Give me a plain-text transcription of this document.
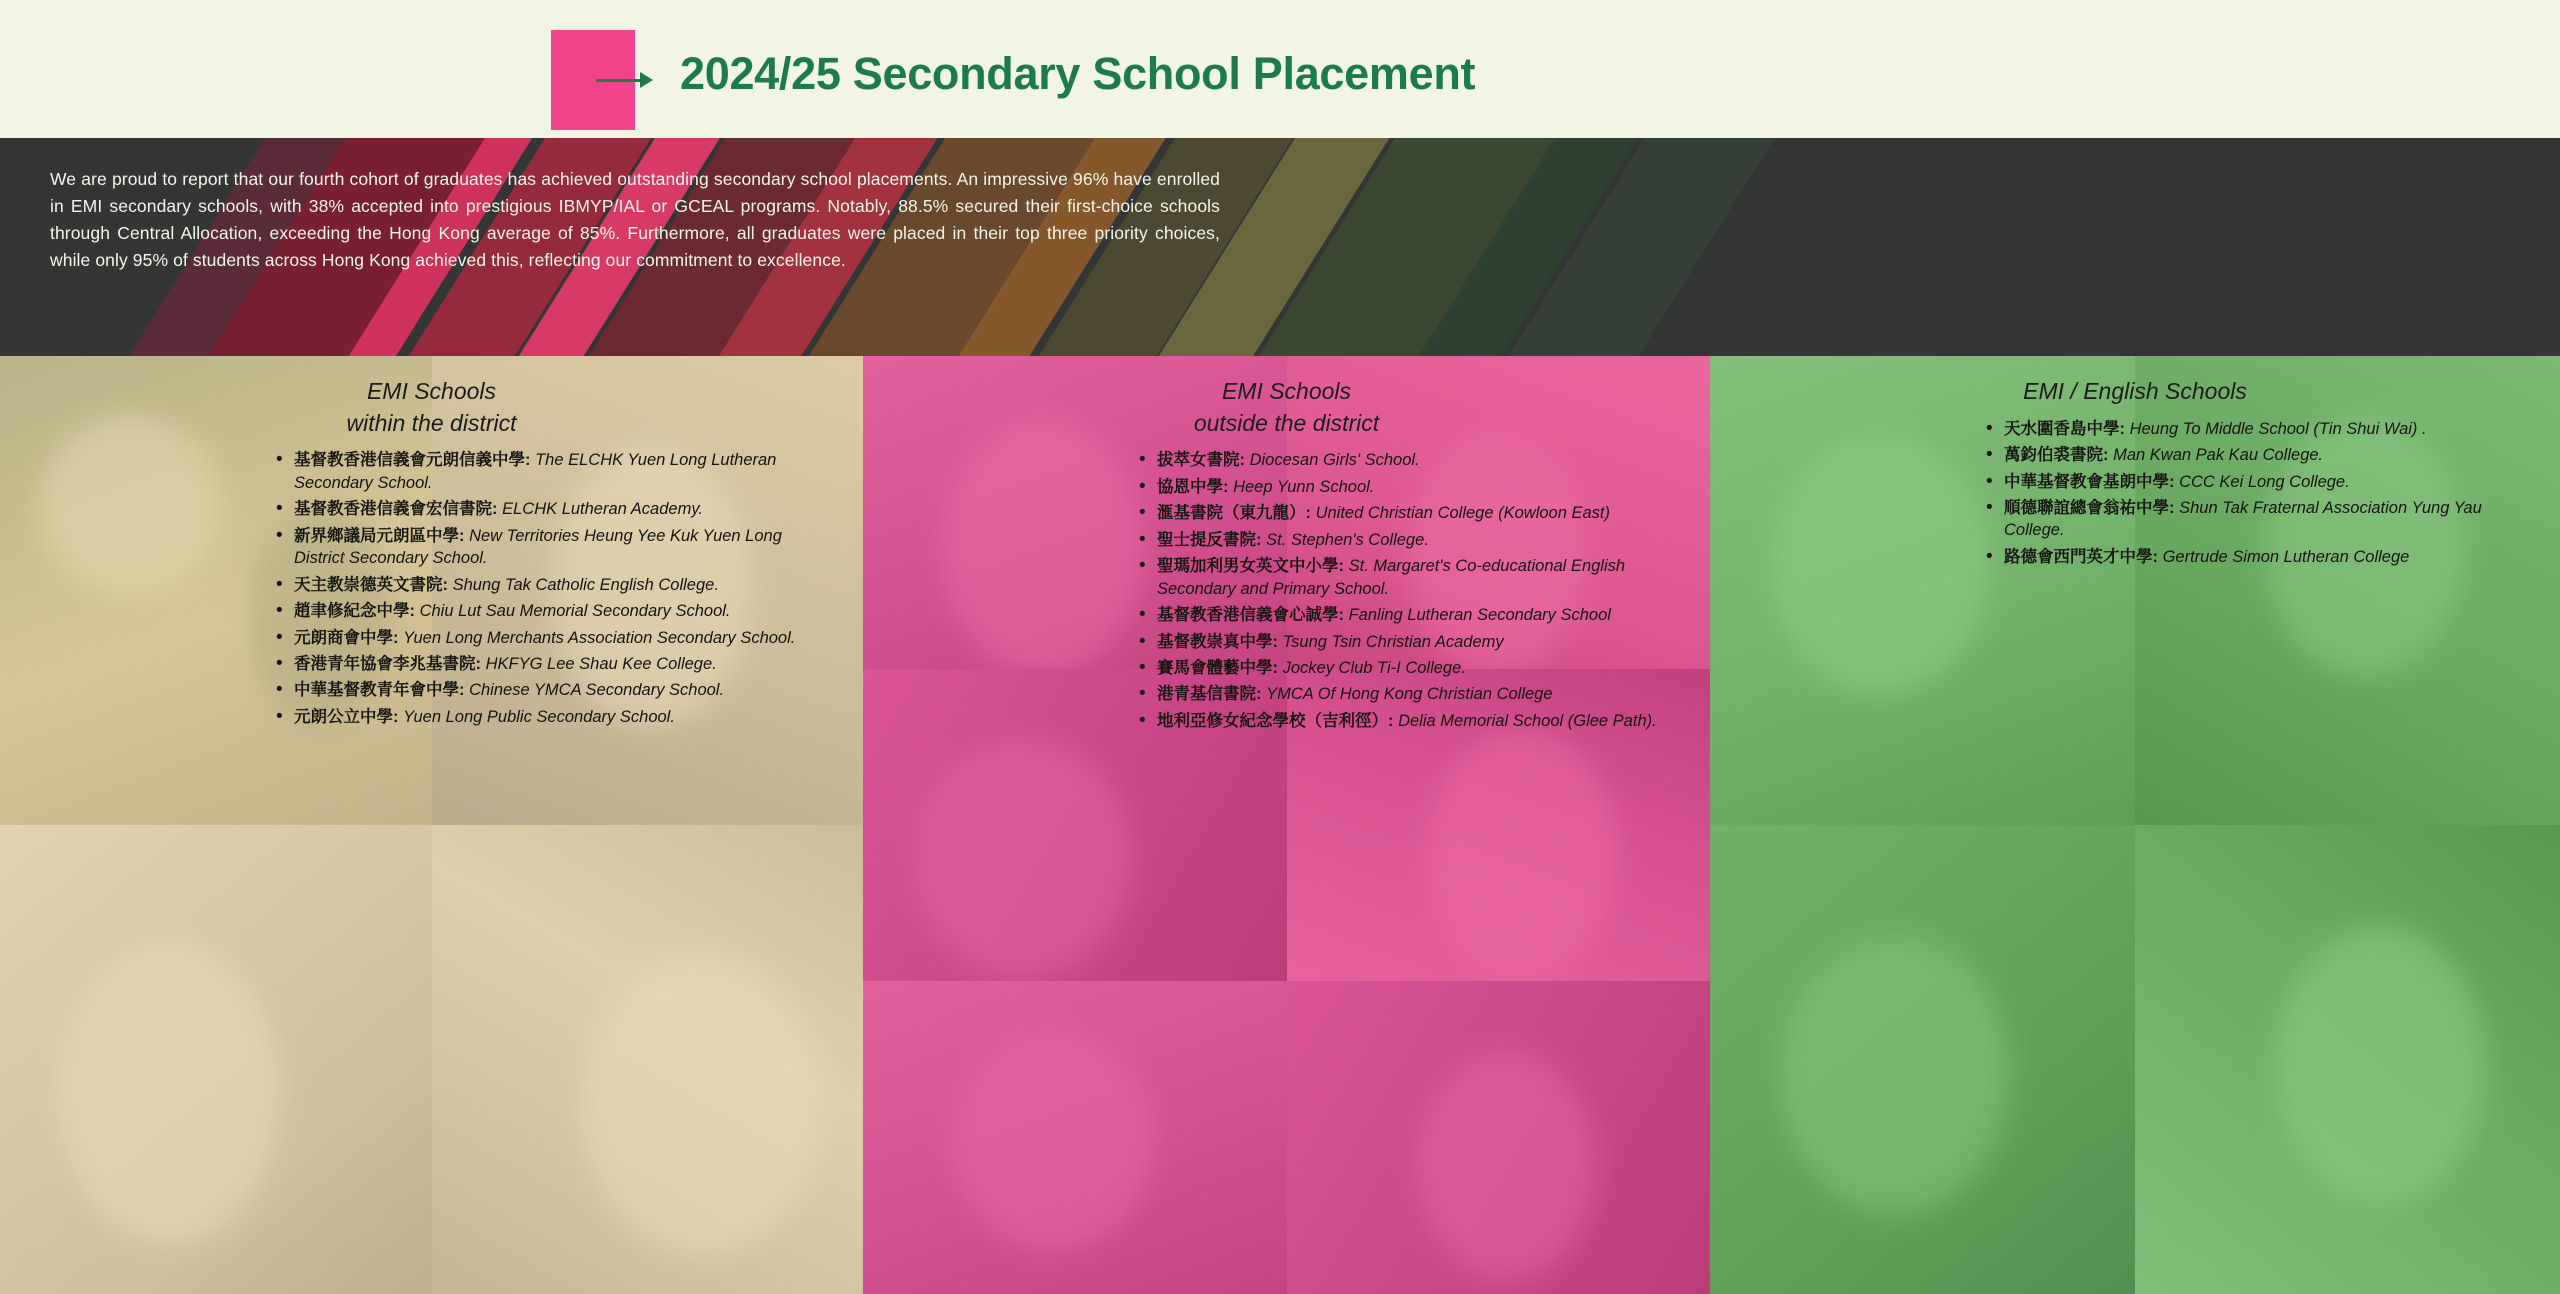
2024/25 Secondary School Placement
We are proud to report that our fourth cohort of graduates has achieved outstanding secondary school placements. An impressive 96% have enrolled in EMI secondary schools, with 38% accepted into prestigious IBMYP/IAL or GCEAL programs. Notably, 88.5% secured their first-choice schools through Central Allocation, exceeding the Hong Kong average of 85%. Furthermore, all graduates were placed in their top three priority choices, while only 95% of students across Hong Kong achieved this, reflecting our commitment to excellence.
EMI Schools
within the district
• 基督教香港信義會元朗信義中學: The ELCHK Yuen Long Lutheran Secondary School.
• 基督教香港信義會宏信書院: ELCHK Lutheran Academy.
• 新界鄉議局元朗區中學: New Territories Heung Yee Kuk Yuen Long District Secondary School.
• 天主教崇德英文書院: Shung Tak Catholic English College.
• 趙聿修紀念中學: Chiu Lut Sau Memorial Secondary School.
• 元朗商會中學: Yuen Long Merchants Association Secondary School.
• 香港青年協會李兆基書院: HKFYG Lee Shau Kee College.
• 中華基督教青年會中學: Chinese YMCA Secondary School.
• 元朗公立中學: Yuen Long Public Secondary School.
EMI Schools
outside the district
• 拔萃女書院: Diocesan Girls' School.
• 協恩中學: Heep Yunn School.
• 滙基書院（東九龍）: United Christian College (Kowloon East)
• 聖士提反書院: St. Stephen's College.
• 聖瑪加利男女英文中小學: St. Margaret's Co-educational English Secondary and Primary School.
• 基督教香港信義會心誠學: Fanling Lutheran Secondary School
• 基督教崇真中學: Tsung Tsin Christian Academy
• 賽馬會體藝中學: Jockey Club Ti-I College.
• 港青基信書院: YMCA Of Hong Kong Christian College
• 地利亞修女紀念學校（吉利徑）: Delia Memorial School (Glee Path).
EMI / English Schools
• 天水圍香島中學: Heung To Middle School (Tin Shui Wai) .
• 萬鈞伯裘書院: Man Kwan Pak Kau College.
• 中華基督教會基朗中學: CCC Kei Long College.
• 順德聯誼總會翁祐中學: Shun Tak Fraternal Association Yung Yau College.
• 路德會西門英才中學: Gertrude Simon Lutheran College
